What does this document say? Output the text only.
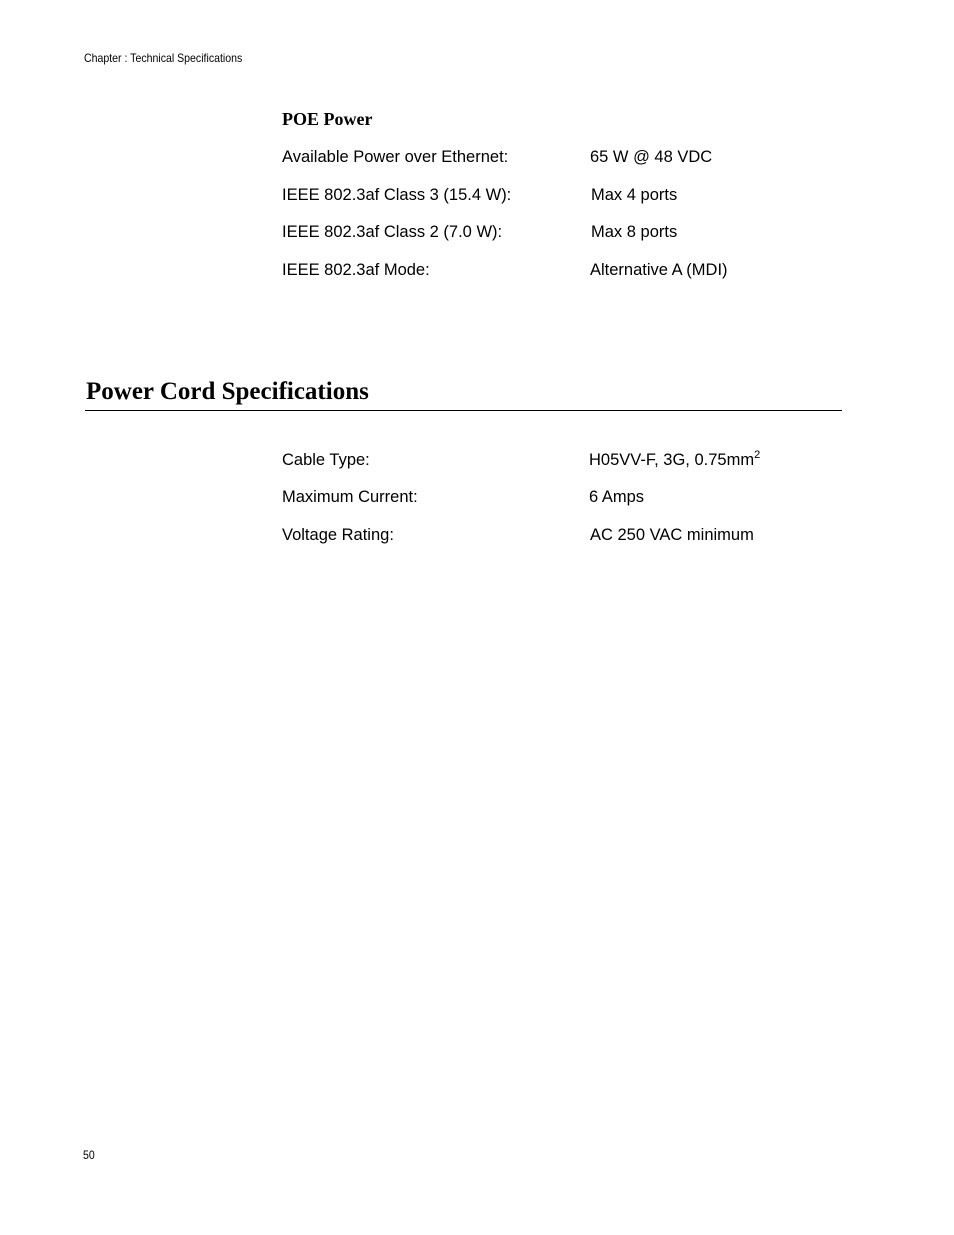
Chapter : Technical Specifications
POE Power
Available Power over Ethernet:	65 W @ 48 VDC
IEEE 802.3af Class 3 (15.4 W):	Max 4 ports
IEEE 802.3af Class 2 (7.0 W):	Max 8 ports
IEEE 802.3af Mode:	Alternative A (MDI)
Power Cord Specifications
Cable Type:	H05VV-F, 3G, $0.75mm^2$
Maximum Current:	6 Amps
Voltage Rating:	AC 250 VAC minimum
50
